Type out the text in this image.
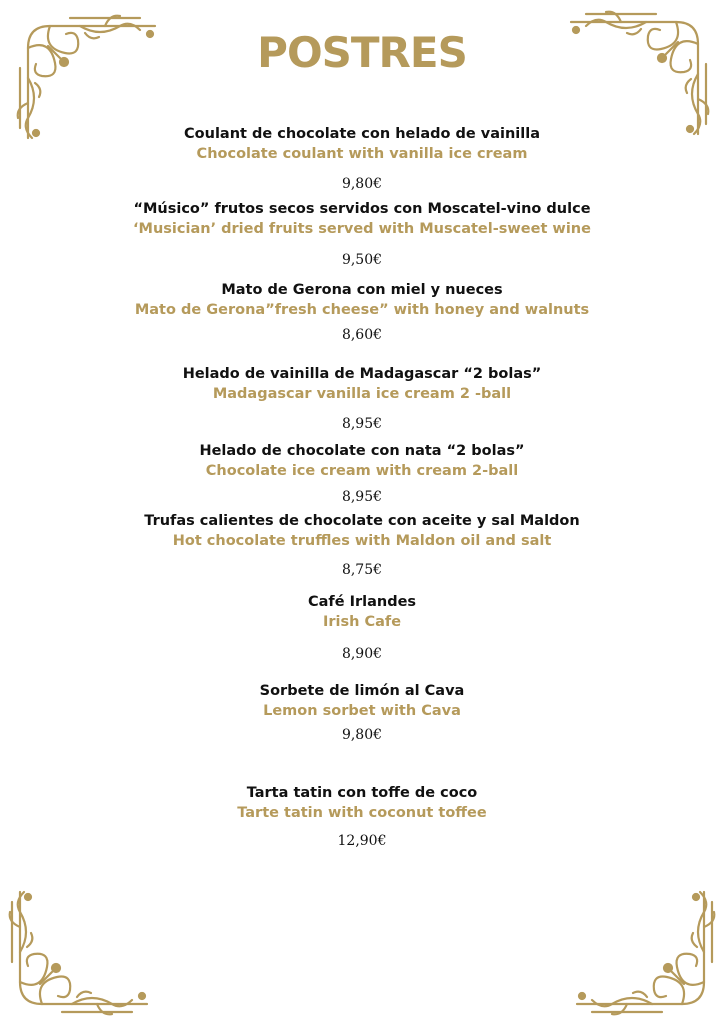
POSTRES
Coulant de chocolate con helado de vainilla
Chocolate coulant with vanilla ice cream
9,80€
“Músico” frutos secos servidos con Moscatel-vino dulce
‘Musician’ dried fruits served with Muscatel-sweet wine
9,50€
Mato de Gerona con miel y nueces
Mato de Gerona”fresh cheese” with honey and walnuts
8,60€
Helado de vainilla de Madagascar “2 bolas”
Madagascar vanilla ice cream 2 -ball
8,95€
Helado de chocolate con nata “2 bolas”
Chocolate ice cream with cream 2-ball
8,95€
Trufas calientes de chocolate con aceite y sal Maldon
Hot chocolate truffles with Maldon oil and salt
8,75€
Café Irlandes
Irish Cafe
8,90€
Sorbete de limón al Cava
Lemon sorbet with Cava
9,80€
Tarta tatin con toffe de coco
Tarte tatin with coconut toffee
12,90€
